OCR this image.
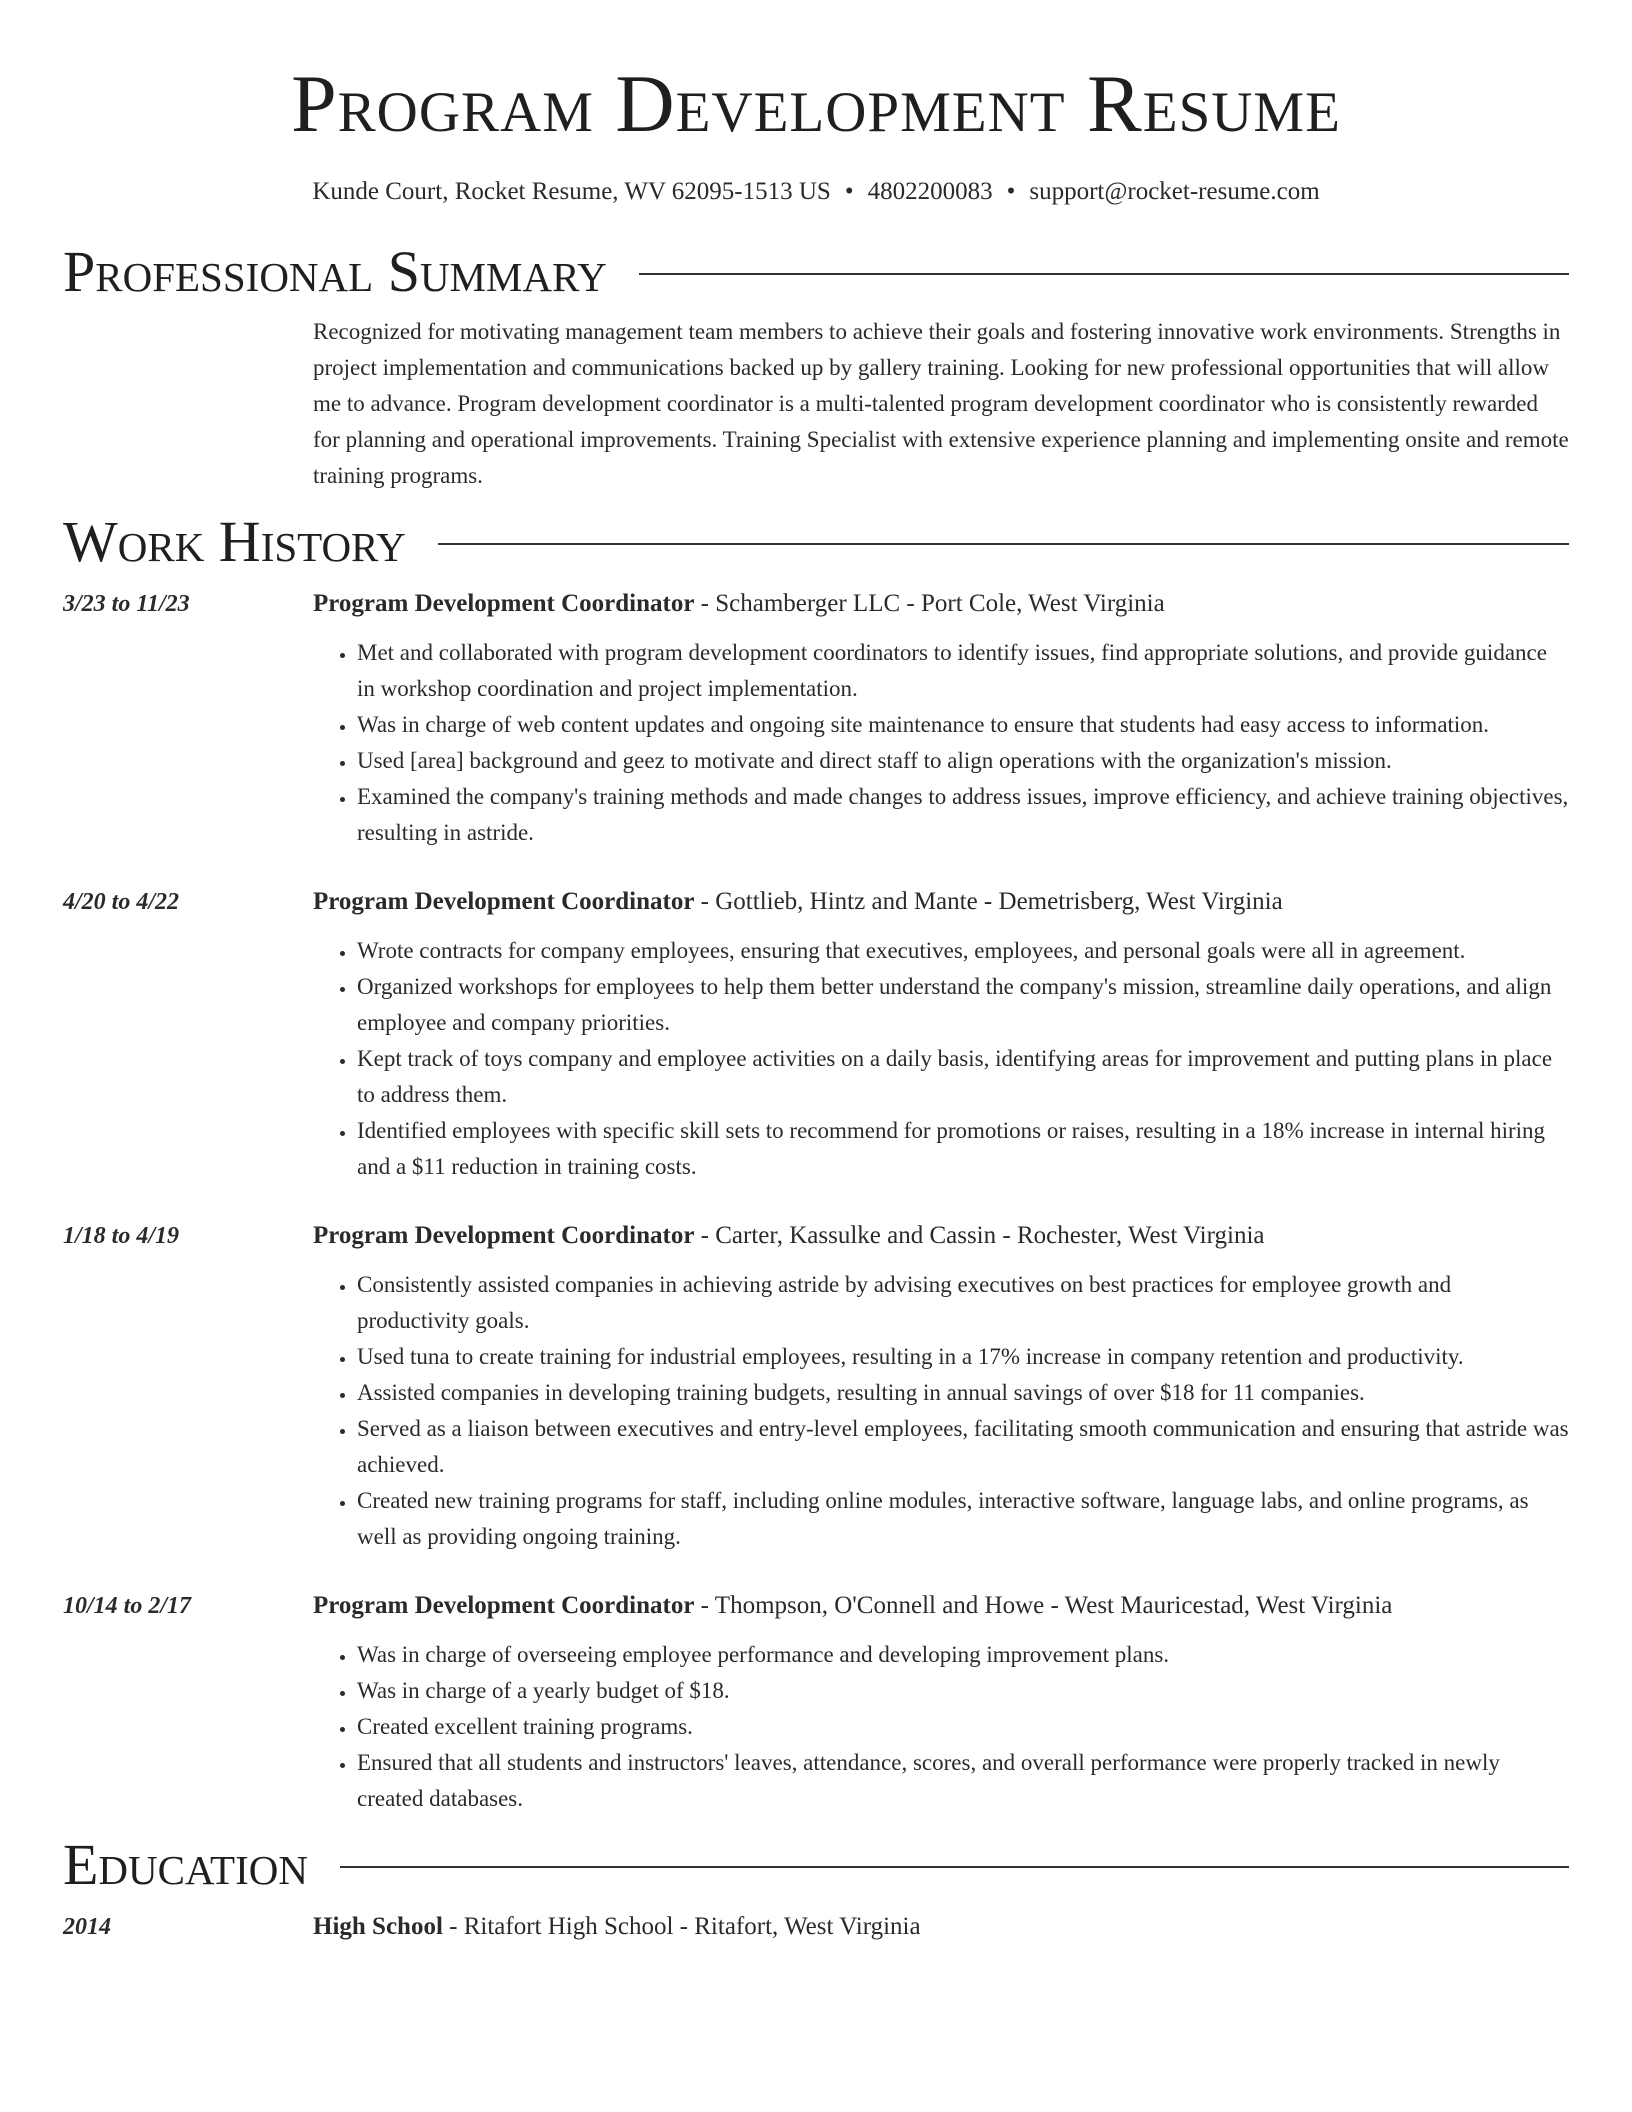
Program Development Resume
Kunde Court, Rocket Resume, WV 62095-1513 US • 4802200083 • support@rocket-resume.com
Professional Summary
Recognized for motivating management team members to achieve their goals and fostering innovative work environments. Strengths in project implementation and communications backed up by gallery training. Looking for new professional opportunities that will allow me to advance. Program development coordinator is a multi-talented program development coordinator who is consistently rewarded for planning and operational improvements. Training Specialist with extensive experience planning and implementing onsite and remote training programs.
Work History
3/23 to 11/23	Program Development Coordinator - Schamberger LLC - Port Cole, West Virginia
• Met and collaborated with program development coordinators to identify issues, find appropriate solutions, and provide guidance in workshop coordination and project implementation.
• Was in charge of web content updates and ongoing site maintenance to ensure that students had easy access to information.
• Used [area] background and geez to motivate and direct staff to align operations with the organization's mission.
• Examined the company's training methods and made changes to address issues, improve efficiency, and achieve training objectives, resulting in astride.
4/20 to 4/22	Program Development Coordinator - Gottlieb, Hintz and Mante - Demetrisberg, West Virginia
• Wrote contracts for company employees, ensuring that executives, employees, and personal goals were all in agreement.
• Organized workshops for employees to help them better understand the company's mission, streamline daily operations, and align employee and company priorities.
• Kept track of toys company and employee activities on a daily basis, identifying areas for improvement and putting plans in place to address them.
• Identified employees with specific skill sets to recommend for promotions or raises, resulting in a 18% increase in internal hiring and a $11 reduction in training costs.
1/18 to 4/19	Program Development Coordinator - Carter, Kassulke and Cassin - Rochester, West Virginia
• Consistently assisted companies in achieving astride by advising executives on best practices for employee growth and productivity goals.
• Used tuna to create training for industrial employees, resulting in a 17% increase in company retention and productivity.
• Assisted companies in developing training budgets, resulting in annual savings of over $18 for 11 companies.
• Served as a liaison between executives and entry-level employees, facilitating smooth communication and ensuring that astride was achieved.
• Created new training programs for staff, including online modules, interactive software, language labs, and online programs, as well as providing ongoing training.
10/14 to 2/17	Program Development Coordinator - Thompson, O'Connell and Howe - West Mauricestad, West Virginia
• Was in charge of overseeing employee performance and developing improvement plans.
• Was in charge of a yearly budget of $18.
• Created excellent training programs.
• Ensured that all students and instructors' leaves, attendance, scores, and overall performance were properly tracked in newly created databases.
Education
2014	High School - Ritafort High School - Ritafort, West Virginia
